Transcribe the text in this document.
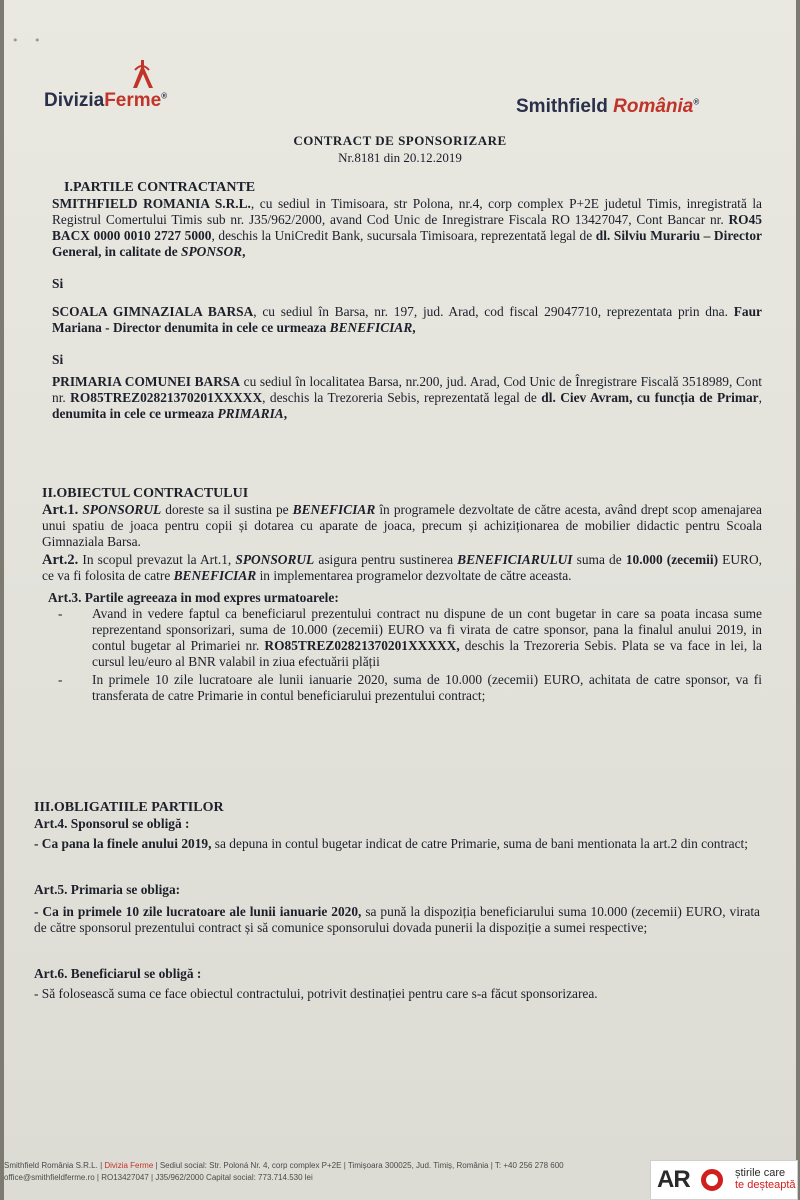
• •
DiviziaFerme®	Smithfield România®
CONTRACT DE SPONSORIZARE
Nr.8181 din 20.12.2019
I.PARTILE CONTRACTANTE

SMITHFIELD ROMANIA S.R.L., cu sediul in Timisoara, str Polona, nr.4, corp complex P+2E judetul Timis, inregistrată la Registrul Comertului Timis sub nr. J35/962/2000, avand Cod Unic de Inregistrare Fiscala RO 13427047, Cont Bancar nr. RO45 BACX 0000 0010 2727 5000, deschis la UniCredit Bank, sucursala Timisoara, reprezentată legal de dl. Silviu Murariu – Director General, in calitate de SPONSOR,

Si

SCOALA GIMNAZIALA BARSA, cu sediul în Barsa, nr. 197, jud. Arad, cod fiscal 29047710, reprezentata prin dna. Faur Mariana - Director denumita in cele ce urmeaza BENEFICIAR,

Si

PRIMARIA COMUNEI BARSA cu sediul în localitatea Barsa, nr.200, jud. Arad, Cod Unic de Înregistrare Fiscală 3518989, Cont nr. RO85TREZ02821370201XXXXX, deschis la Trezoreria Sebis, reprezentată legal de dl. Ciev Avram, cu funcția de Primar, denumita in cele ce urmeaza PRIMARIA,

II.OBIECTUL CONTRACTULUI

Art.1. SPONSORUL doreste sa il sustina pe BENEFICIAR în programele dezvoltate de către acesta, având drept scop amenajarea unui spatiu de joaca pentru copii și dotarea cu aparate de joaca, precum și achiziționarea de mobilier didactic pentru Scoala Gimnaziala Barsa.

Art.2. In scopul prevazut la Art.1, SPONSORUL asigura pentru sustinerea BENEFICIARULUI suma de 10.000 (zecemii) EURO, ce va fi folosita de catre BENEFICIAR in implementarea programelor dezvoltate de către aceasta.

Art.3. Partile agreeaza in mod expres urmatoarele:

- Avand in vedere faptul ca beneficiarul prezentului contract nu dispune de un cont bugetar in care sa poata incasa sume reprezentand sponsorizari, suma de 10.000 (zecemii) EURO va fi virata de catre sponsor, pana la finalul anului 2019, in contul bugetar al Primariei nr. RO85TREZ02821370201XXXXX, deschis la Trezoreria Sebis. Plata se va face in lei, la cursul leu/euro al BNR valabil in ziua efectuării plății

- In primele 10 zile lucratoare ale lunii ianuarie 2020, suma de 10.000 (zecemii) EURO, achitata de catre sponsor, va fi transferata de catre Primarie in contul beneficiarului prezentului contract;

III.OBLIGATIILE PARTILOR
Art.4. Sponsorul se obligă :

- Ca pana la finele anului 2019, sa depuna in contul bugetar indicat de catre Primarie, suma de bani mentionata la art.2 din contract;

Art.5. Primaria se obliga:

- Ca in primele 10 zile lucratoare ale lunii ianuarie 2020, sa pună la dispoziția beneficiarului suma 10.000 (zecemii) EURO, virata de către sponsorul prezentului contract și să comunice sponsorului dovada punerii la dispoziție a sumei respective;

Art.6. Beneficiarul se obligă :

- Să folosească suma ce face obiectul contractului, potrivit destinației pentru care s-a făcut sponsorizarea.

Smithfield România S.R.L. | Divizia Ferme | Sediul social: Str. Poloná Nr. 4, corp complex P+2E | Timișoara 300025, Jud. Timiș, România | T: +40 256 278 600
office@smithfieldferme.ro | RO13427047 | J35/962/2000 Capital social: 773.714.530 lei	AR	știrile care
te deșteaptă
